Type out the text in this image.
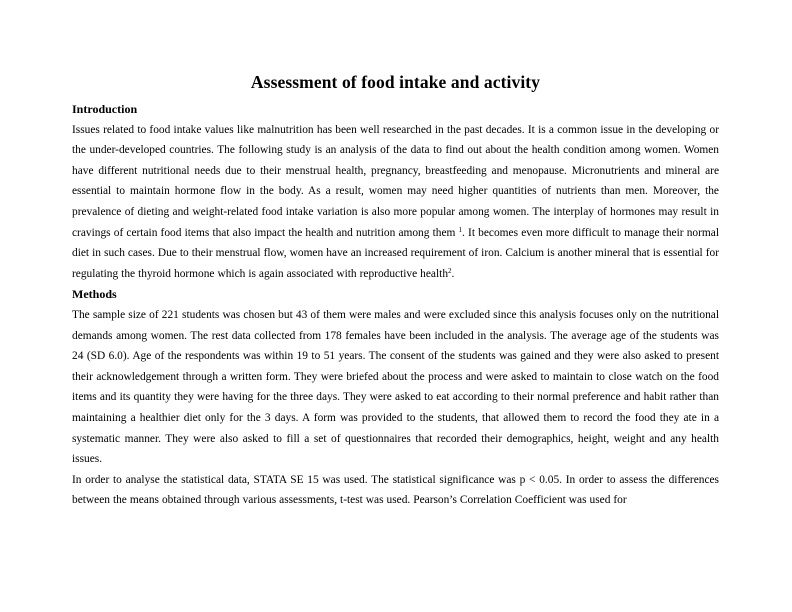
Assessment of food intake and activity
Introduction

Issues related to food intake values like malnutrition has been well researched in the past decades. It is a common issue in the developing or the under-developed countries. The following study is an analysis of the data to find out about the health condition among women. Women have different nutritional needs due to their menstrual health, pregnancy, breastfeeding and menopause. Micronutrients and mineral are essential to maintain hormone flow in the body. As a result, women may need higher quantities of nutrients than men. Moreover, the prevalence of dieting and weight-related food intake variation is also more popular among women. The interplay of hormones may result in cravings of certain food items that also impact the health and nutrition among them $^1$. It becomes even more difficult to manage their normal diet in such cases. Due to their menstrual flow, women have an increased requirement of iron. Calcium is another mineral that is essential for regulating the thyroid hormone which is again associated with reproductive health$^2$.

Methods

The sample size of 221 students was chosen but 43 of them were males and were excluded since this analysis focuses only on the nutritional demands among women. The rest data collected from 178 females have been included in the analysis. The average age of the students was 24 (SD 6.0). Age of the respondents was within 19 to 51 years. The consent of the students was gained and they were also asked to present their acknowledgement through a written form. They were briefed about the process and were asked to maintain to close watch on the food items and its quantity they were having for the three days. They were asked to eat according to their normal preference and habit rather than maintaining a healthier diet only for the 3 days. A form was provided to the students, that allowed them to record the food they ate in a systematic manner. They were also asked to fill a set of questionnaires that recorded their demographics, height, weight and any health issues.

In order to analyse the statistical data, STATA SE 15 was used. The statistical significance was p < 0.05. In order to assess the differences between the means obtained through various assessments, t-test was used. Pearson’s Correlation Coefficient was used for
